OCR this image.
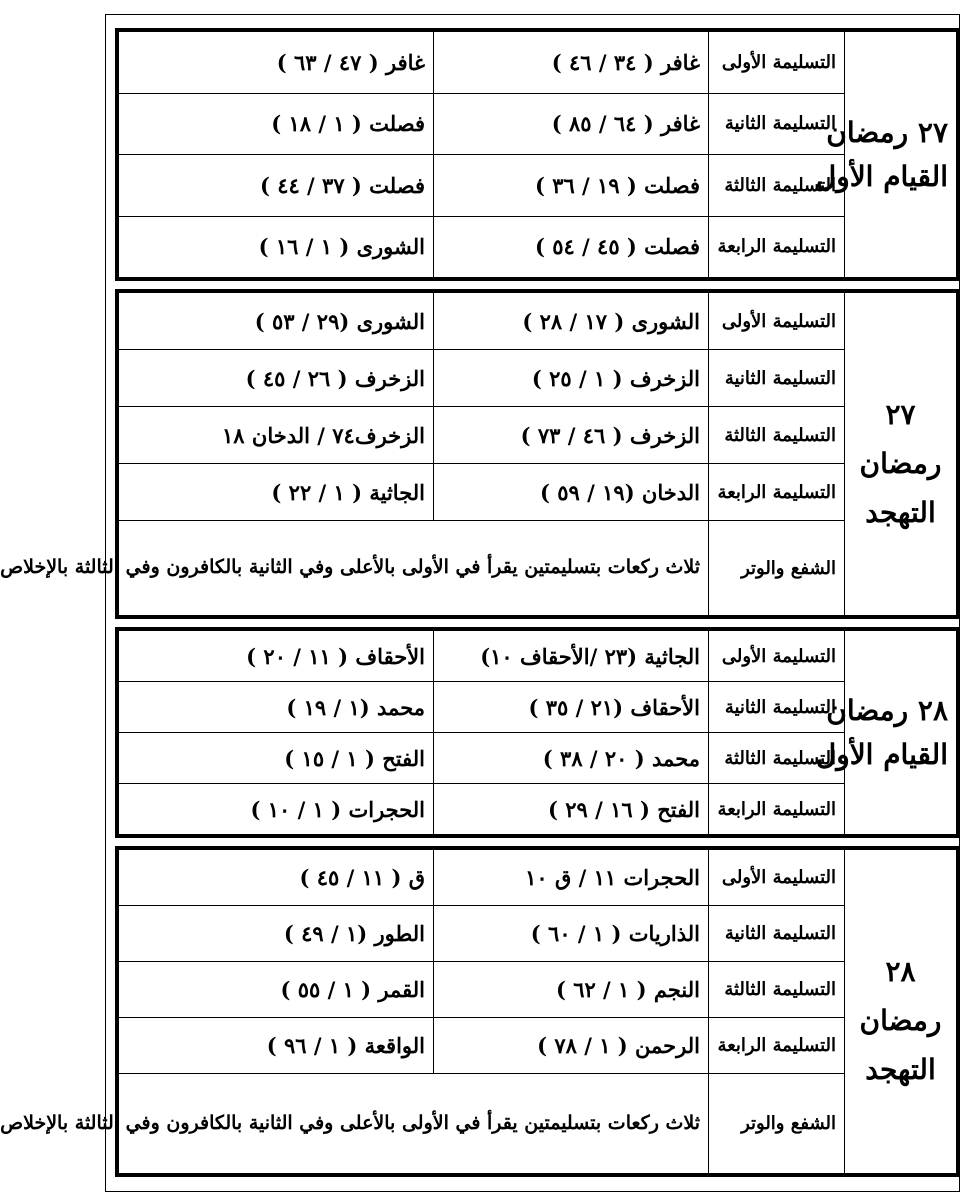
٢٧ رمضان
القيام الأول	التسليمة الأولى	غافر ( ٣٤ / ٤٦ )	غافر ( ٤٧ / ٦٣ )
	التسليمة الثانية	غافر ( ٦٤ / ٨٥ )	فصلت ( ١ / ١٨ )
	التسليمة الثالثة	فصلت ( ١٩ / ٣٦ )	فصلت ( ٣٧ / ٤٤ )
	التسليمة الرابعة	فصلت ( ٤٥ / ٥٤ )	الشورى ( ١ / ١٦ )
٢٧
رمضان
التهجد	التسليمة الأولى	الشورى ( ١٧ / ٢٨ )	الشورى (٢٩ / ٥٣ )
	التسليمة الثانية	الزخرف ( ١ / ٢٥ )	الزخرف ( ٢٦ / ٤٥ )
	التسليمة الثالثة	الزخرف ( ٤٦ / ٧٣ )	الزخرف٧٤ / الدخان ١٨
	التسليمة الرابعة	الدخان (١٩ / ٥٩ )	الجاثية ( ١ / ٢٢ )
	الشفع والوتر	ثلاث ركعات بتسليمتين يقرأ في الأولى بالأعلى وفي الثانية بالكافرون وفي الثالثة بالإخلاص	
٢٨ رمضان
القيام الأول	التسليمة الأولى	الجاثية (٢٣ /الأحقاف ١٠)	الأحقاف ( ١١ / ٢٠ )
	التسليمة الثانية	الأحقاف (٢١ / ٣٥ )	محمد (١ / ١٩ )
	التسليمة الثالثة	محمد ( ٢٠ / ٣٨ )	الفتح ( ١ / ١٥ )
	التسليمة الرابعة	الفتح ( ١٦ / ٢٩ )	الحجرات ( ١ / ١٠ )
٢٨
رمضان
التهجد	التسليمة الأولى	الحجرات ١١ / ق ١٠	ق ( ١١ / ٤٥ )
	التسليمة الثانية	الذاريات ( ١ / ٦٠ )	الطور (١ / ٤٩ )
	التسليمة الثالثة	النجم ( ١ / ٦٢ )	القمر ( ١ / ٥٥ )
	التسليمة الرابعة	الرحمن ( ١ / ٧٨ )	الواقعة ( ١ / ٩٦ )
	الشفع والوتر	ثلاث ركعات بتسليمتين يقرأ في الأولى بالأعلى وفي الثانية بالكافرون وفي الثالثة بالإخلاص	
